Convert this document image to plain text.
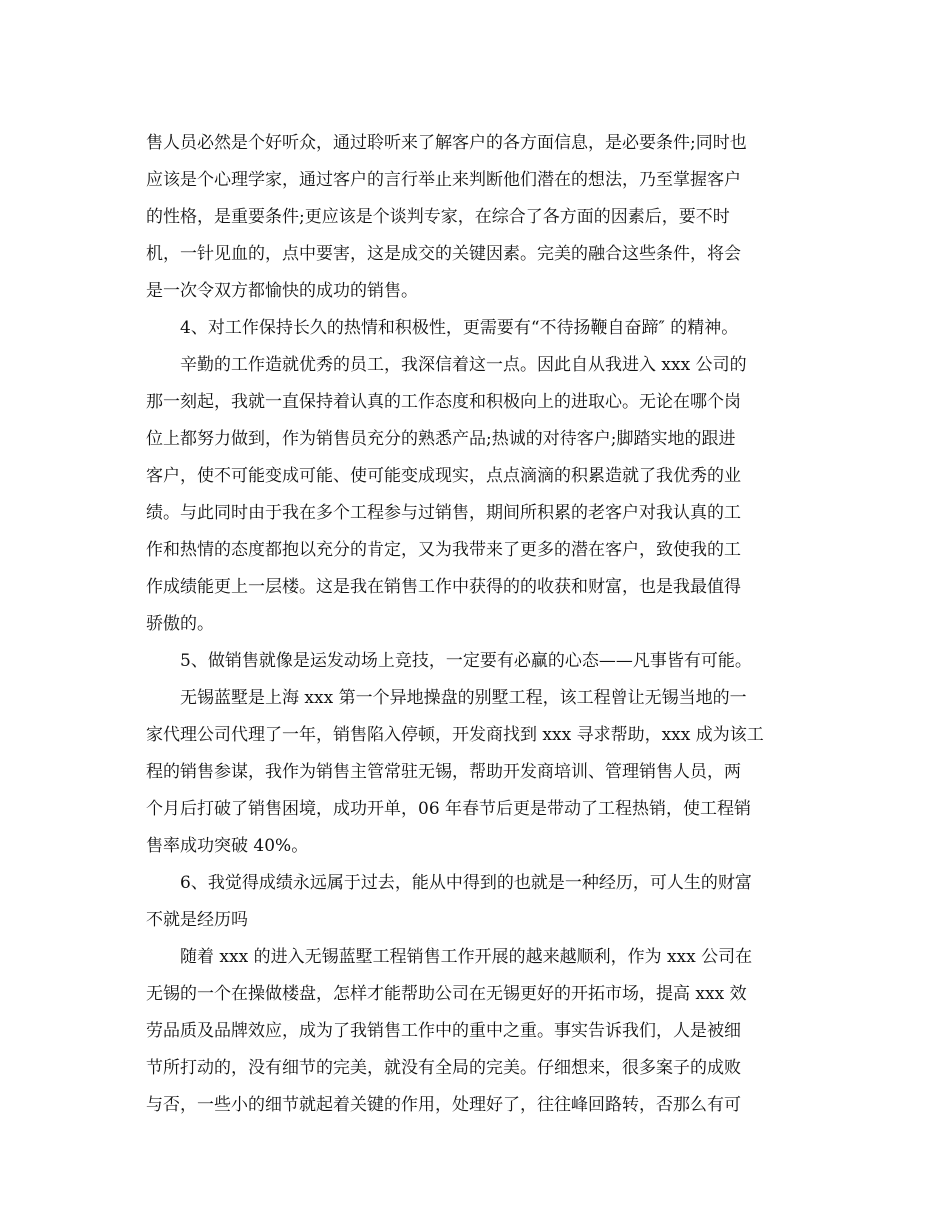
售人员必然是个好听众，通过聆听来了解客户的各方面信息，是必要条件;同时也
应该是个心理学家，通过客户的言行举止来判断他们潜在的想法，乃至掌握客户
的性格，是重要条件;更应该是个谈判专家，在综合了各方面的因素后，要不时
机，一针见血的，点中要害，这是成交的关键因素。完美的融合这些条件，将会
是一次令双方都愉快的成功的销售。
4、对工作保持长久的热情和积极性，更需要有“不待扬鞭自奋蹄″ 的精神。
辛勤的工作造就优秀的员工，我深信着这一点。因此自从我进入 xxx 公司的
那一刻起，我就一直保持着认真的工作态度和积极向上的进取心。无论在哪个岗
位上都努力做到，作为销售员充分的熟悉产品;热诚的对待客户;脚踏实地的跟进
客户，使不可能变成可能、使可能变成现实，点点滴滴的积累造就了我优秀的业
绩。与此同时由于我在多个工程参与过销售，期间所积累的老客户对我认真的工
作和热情的态度都抱以充分的肯定，又为我带来了更多的潜在客户，致使我的工
作成绩能更上一层楼。这是我在销售工作中获得的的收获和财富，也是我最值得
骄傲的。
5、做销售就像是运发动场上竞技，一定要有必赢的心态——凡事皆有可能。
无锡蓝墅是上海 xxx 第一个异地操盘的别墅工程，该工程曾让无锡当地的一
家代理公司代理了一年，销售陷入停顿，开发商找到 xxx 寻求帮助，xxx 成为该工
程的销售参谋，我作为销售主管常驻无锡，帮助开发商培训、管理销售人员，两
个月后打破了销售困境，成功开单，06 年春节后更是带动了工程热销，使工程销
售率成功突破 40%。
6、我觉得成绩永远属于过去，能从中得到的也就是一种经历，可人生的财富
不就是经历吗
随着 xxx 的进入无锡蓝墅工程销售工作开展的越来越顺利，作为 xxx 公司在
无锡的一个在操做楼盘，怎样才能帮助公司在无锡更好的开拓市场，提高 xxx 效
劳品质及品牌效应，成为了我销售工作中的重中之重。事实告诉我们，人是被细
节所打动的，没有细节的完美，就没有全局的完美。仔细想来，很多案子的成败
与否，一些小的细节就起着关键的作用，处理好了，往往峰回路转，否那么有可
